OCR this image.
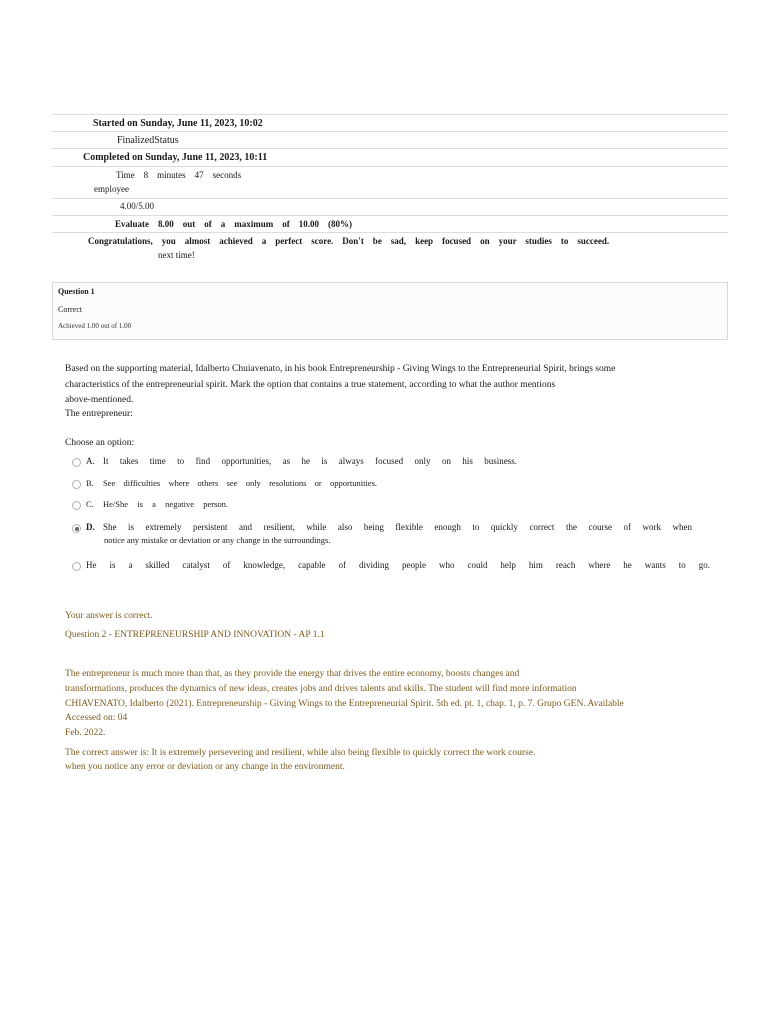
Started on Sunday, June 11, 2023, 10:02
FinalizedStatus
Completed on Sunday, June 11, 2023, 10:11
Time    8    minutes    47    seconds
employee
4.00/5.00
Evaluate    8.00    out    of    a    maximum    of    10.00    (80%)
Congratulations,    you    almost    achieved    a    perfect    score.    Don't    be    sad,    keep    focused    on    your    studies    to    succeed.
next time!
Question 1
Correct
Achieved 1.00 out of 1.00
Based on the supporting material, Idalberto Chuiavenato, in his book Entrepreneurship - Giving Wings to the Entrepreneurial Spirit, brings some
characteristics of the entrepreneurial spirit. Mark the option that contains a true statement, according to what the author mentions
above-mentioned.
The entrepreneur:
Choose an option:
A. It takes time to find opportunities, as he is always focused only on his business.
B. See difficulties where others see only resolutions or opportunities.
C. He/She is a negative person.
D. She is extremely persistent and resilient, while also being flexible enough to quickly correct the course of work when
notice any mistake or deviation or any change in the surroundings.
He is a skilled catalyst of knowledge, capable of dividing people who could help him reach where he wants to go.
Your answer is correct.
Question 2 - ENTREPRENEURSHIP AND INNOVATION - AP 1.1
The entrepreneur is much more than that, as they provide the energy that drives the entire economy, boosts changes and
transformations, produces the dynamics of new ideas, creates jobs and drives talents and skills. The student will find more information
CHIAVENATO, Idalberto (2021). Entrepreneurship - Giving Wings to the Entrepreneurial Spirit. 5th ed. pt. 1, chap. 1, p. 7. Grupo GEN. Available
Accessed on: 04
Feb. 2022.
The correct answer is: It is extremely persevering and resilient, while also being flexible to quickly correct the work course.
when you notice any error or deviation or any change in the environment.
